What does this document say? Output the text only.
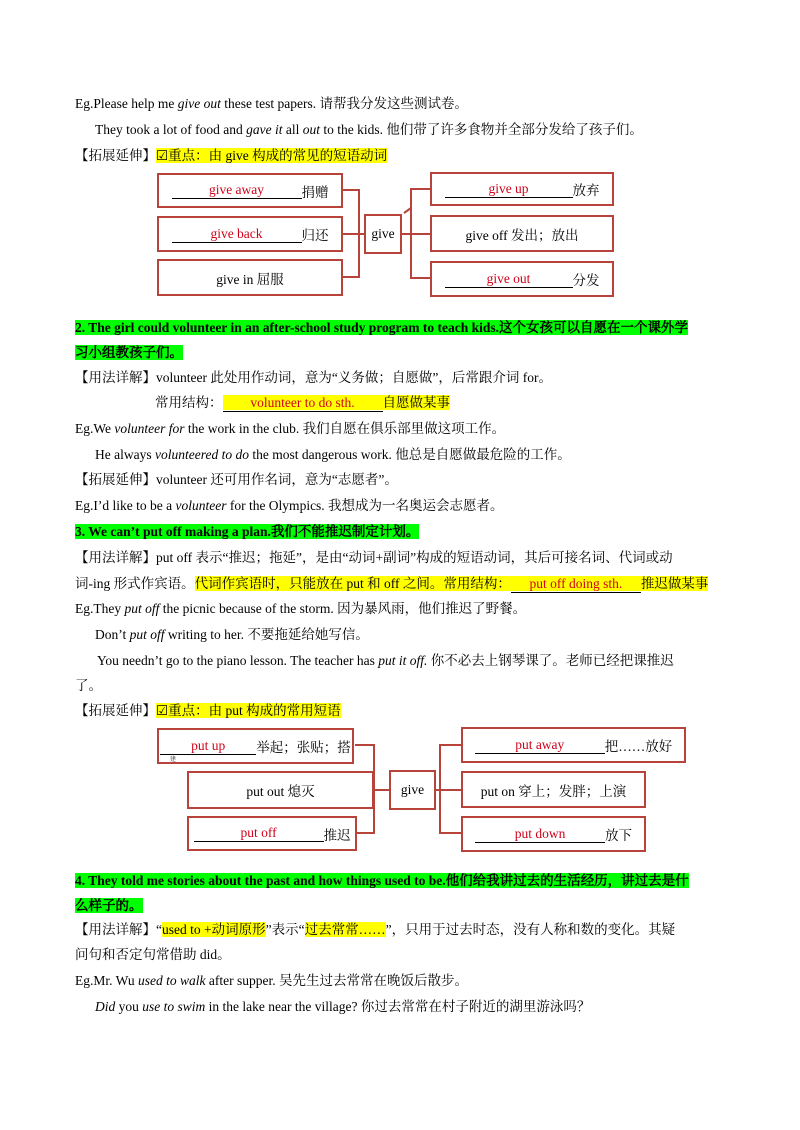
Eg.Please help me give out these test papers. 请帮我分发这些测试卷。
They took a lot of food and gave it all out to the kids. 他们带了许多食物并全部分发给了孩子们。
【拓展延伸】☑重点：由 give 构成的常见的短语动词
give away	捐赠
give back	归还
give in 屈服
give
give up	放弃
give off 发出；放出
give out	分发
2. The girl could volunteer in an after-school study program to teach kids.这个女孩可以自愿在一个课外学
习小组教孩子们。
【用法详解】volunteer 此处用作动词，意为“义务做；自愿做”，后常跟介词 for。
常用结构： volunteer to do sth. 自愿做某事
Eg.We volunteer for the work in the club. 我们自愿在俱乐部里做这项工作。
He always volunteered to do the most dangerous work. 他总是自愿做最危险的工作。
【拓展延伸】volunteer 还可用作名词，意为“志愿者”。
Eg.I’d like to be a volunteer for the Olympics. 我想成为一名奥运会志愿者。
3. We can’t put off making a plan.我们不能推迟制定计划。
【用法详解】put off 表示“推迟；拖延”，是由“动词+副词”构成的短语动词，其后可接名词、代词或动
词-ing 形式作宾语。代词作宾语时，只能放在 put 和 off 之间。常用结构： put off doing sth. 推迟做某事
Eg.They put off the picnic because of the storm. 因为暴风雨，他们推迟了野餐。
Don’t put off writing to her. 不要拖延给她写信。
You needn’t go to the piano lesson. The teacher has put it off. 你不必去上钢琴课了。老师已经把课推迟
了。
【拓展延伸】☑重点：由 put 构成的常用短语
put up	举起；张贴；搭
建
put out 熄灭
put off	推迟
give
put away	把……放好
put on 穿上；发胖；上演
put down	放下
4. They told me stories about the past and how things used to be.他们给我讲过去的生活经历，讲过去是什
么样子的。
【用法详解】“used to +动词原形”表示“过去常常……”，只用于过去时态，没有人称和数的变化。其疑
问句和否定句常借助 did。
Eg.Mr. Wu used to walk after supper. 吴先生过去常常在晚饭后散步。
Did you use to swim in the lake near the village? 你过去常常在村子附近的湖里游泳吗？
